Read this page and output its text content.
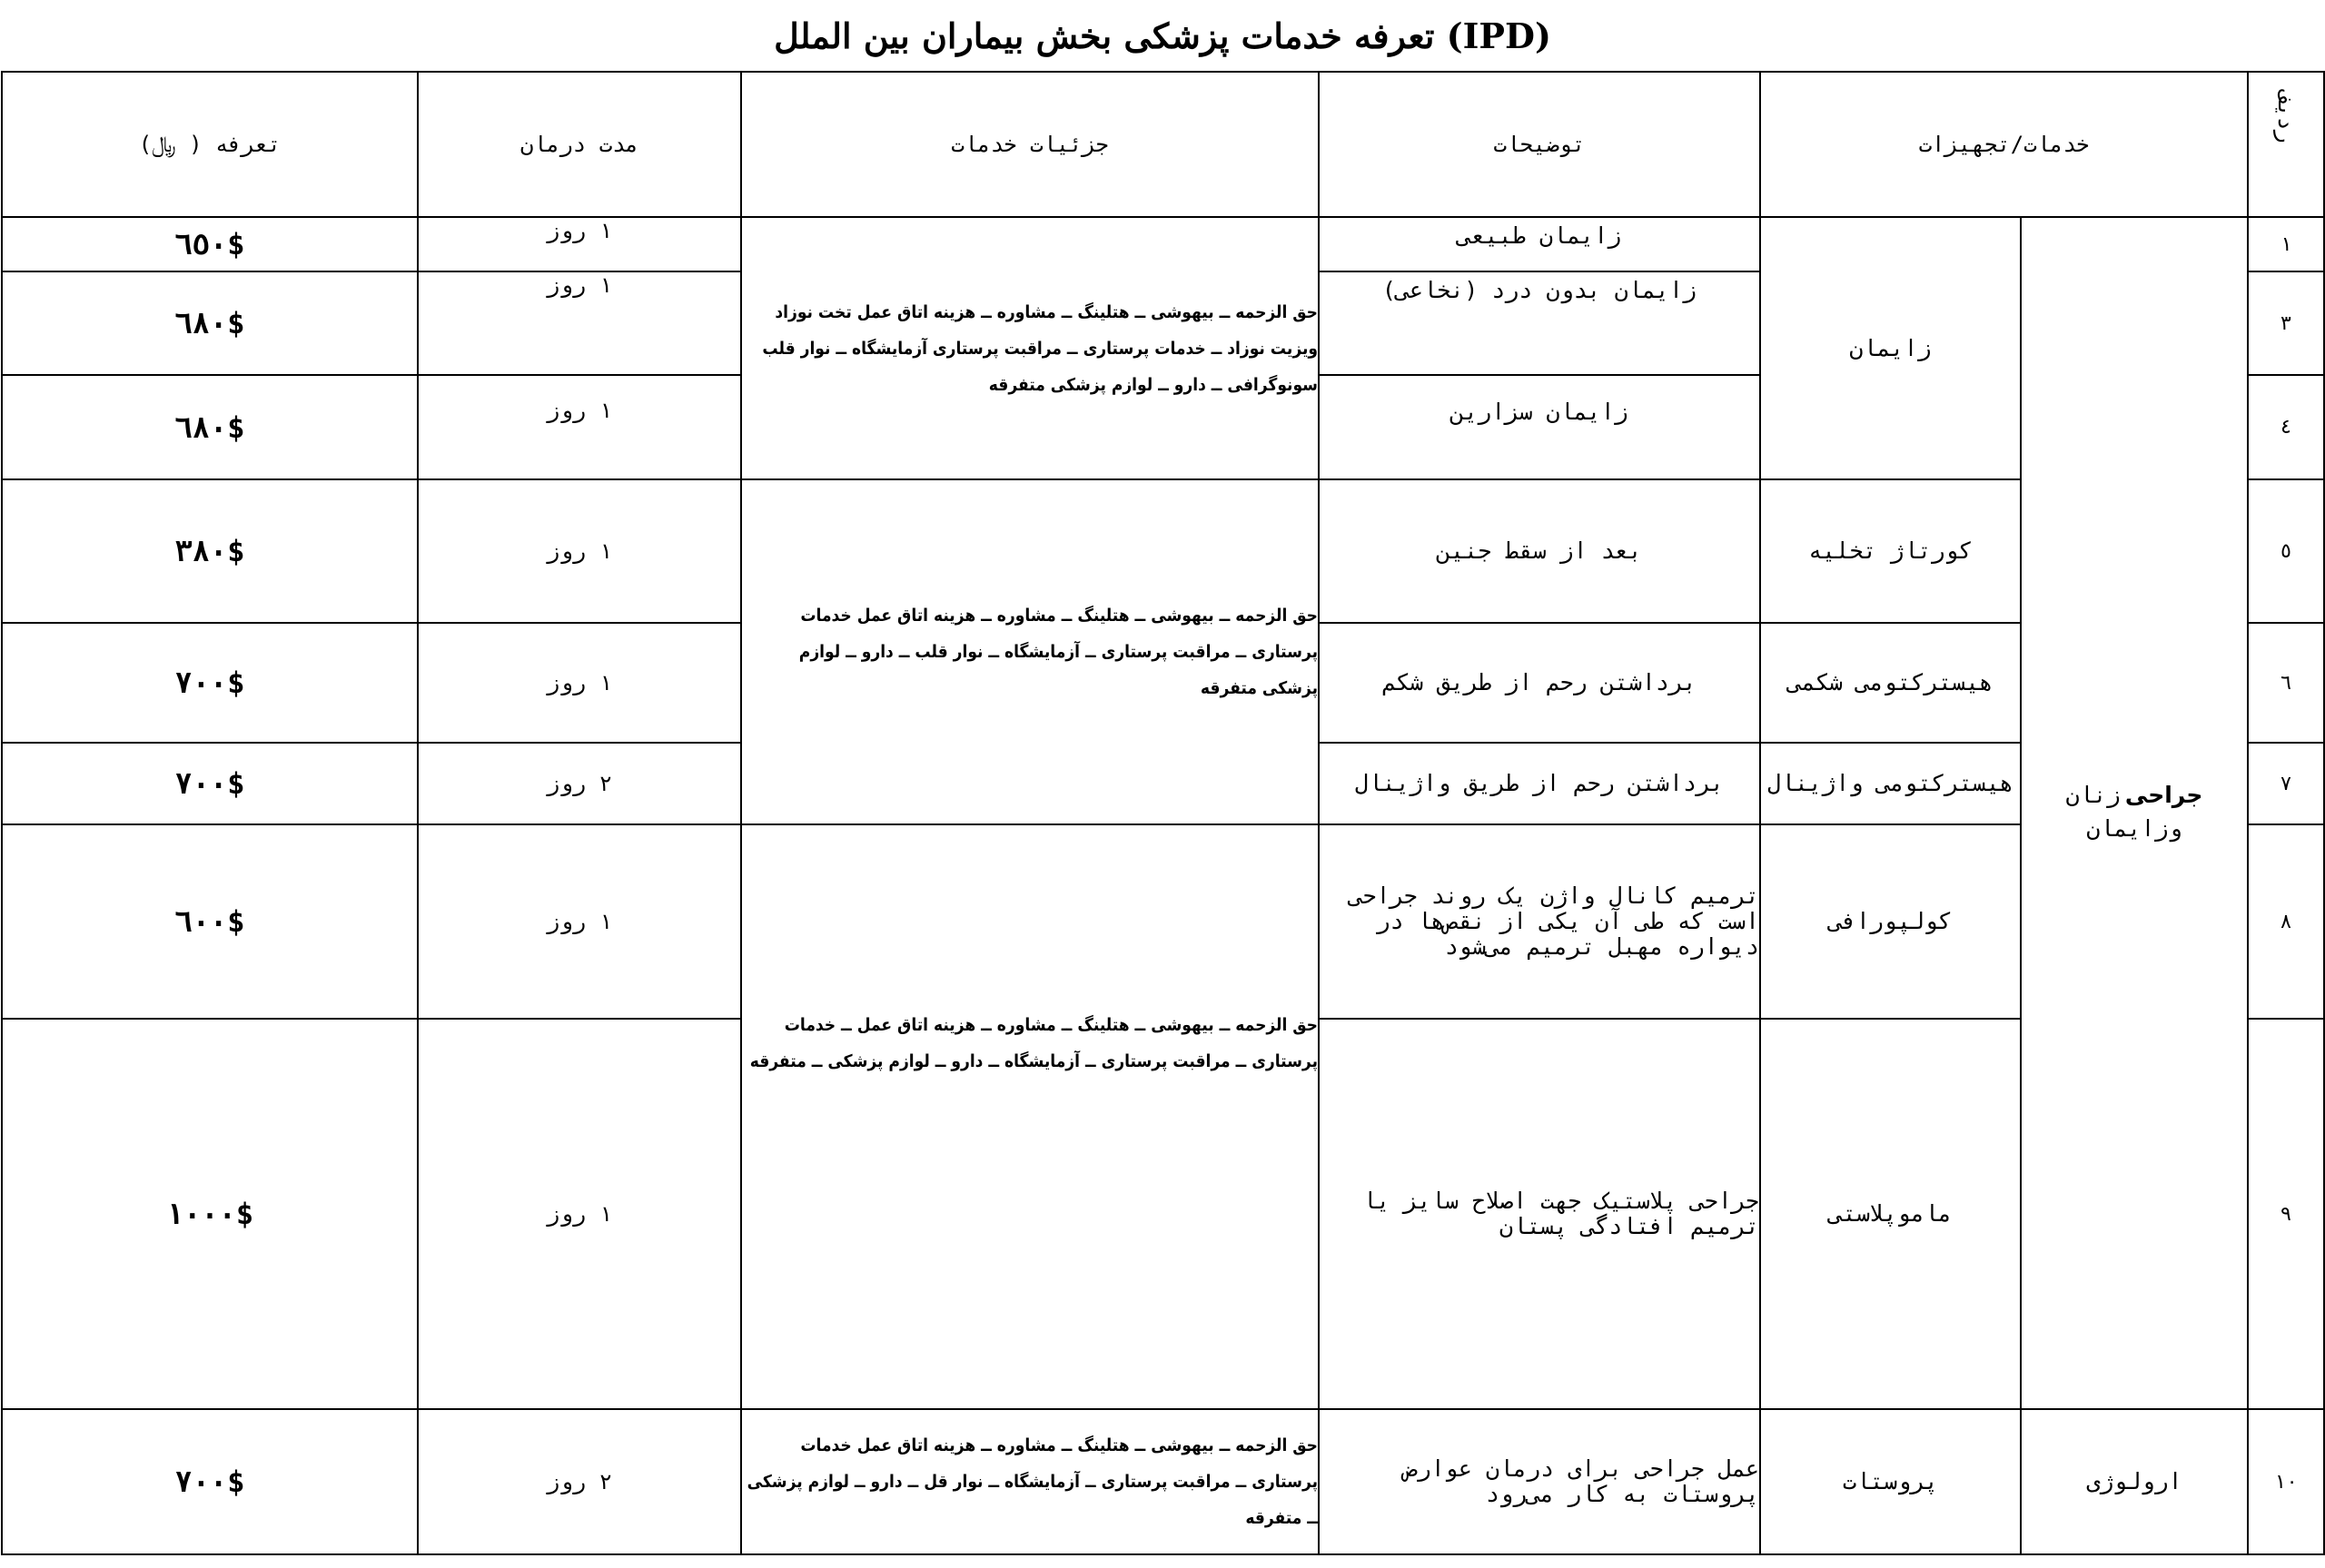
تعرفه خدمات پزشکی بخش بیماران بین الملل (IPD)
ردیف	خدمات/تجهیزات		توضیحات	جزئیات خدمات	مدت درمان	تعرفه ( ﷼)
١	جراحی زنان وزایمان	زایمان	زایمان طبیعی	حق الزحمه ــ بیهوشی ــ هتلینگ ــ مشاوره ــ هزینه اتاق عمل تخت نوزاد ویزیت نوزاد ــ خدمات پرستاری ــ مراقبت پرستاری آزمایشگاه ــ نوار قلب سونوگرافی ــ دارو ــ لوازم پزشکی متفرقه	١ روز	$٦٥٠
٣			زایمان بدون درد (نخاعی)		١ روز	$٦٨٠
٤			زایمان سزارین		١ روز	$٦٨٠
٥		کورتاژ تخلیه	بعد از سقط جنین	حق الزحمه ــ بیهوشی ــ هتلینگ ــ مشاوره ــ هزینه اتاق عمل خدمات پرستاری ــ مراقبت پرستاری ــ آزمایشگاه ــ نوار قلب ــ دارو ــ لوازم پزشکی متفرقه	١ روز	$٣٨٠
٦		هیسترکتومی شکمی	برداشتن رحم از طریق شکم		١ روز	$٧٠٠
٧		هیسترکتومی واژینال	برداشتن رحم از طریق واژینال		٢ روز	$٧٠٠
٨		کولپورافی	ترمیم کانال واژن یک روند جراحی است که طی آن یکی از نقص‌ها در دیواره مهبل ترمیم می‌شود	حق الزحمه ــ بیهوشی ــ هتلینگ ــ مشاوره ــ هزینه اتاق عمل ــ خدمات پرستاری ــ مراقبت پرستاری ــ آزمایشگاه ــ دارو ــ لوازم پزشکی ــ متفرقه	١ روز	$٦٠٠
٩		ماموپلاستی	جراحی پلاستیک جهت اصلاح سایز یا ترمیم افتادگی پستان		١ روز	$١٠٠٠
١٠	ارولوژی	پروستات	عمل جراحی برای درمان عوارض پروستات به کار می‌رود	حق الزحمه ــ بیهوشی ــ هتلینگ ــ مشاوره ــ هزینه اتاق عمل خدمات پرستاری ــ مراقبت پرستاری ــ آزمایشگاه ــ نوار قل ــ دارو ــ لوازم پزشکی ــ متفرقه	٢ روز	$٧٠٠
